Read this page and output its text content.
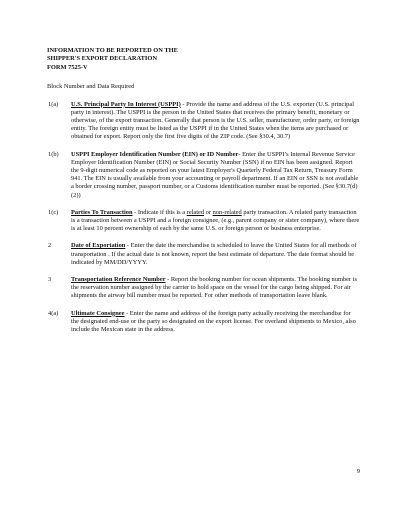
INFORMATION TO BE REPORTED ON THE
SHIPPER'S EXPORT DECLARATION
FORM 7525-V
Block Number and Data Required
1(a)	U.S. Principal Party In Interest (USPPI) - Provide the name and address of the U.S. exporter (U.S. principal party in interest). The USPPI is the person in the United States that receives the primary benefit, monetary or otherwise, of the export transaction. Generally that person is the U.S. seller, manufacturer, order party, or foreign entity. The foreign entity must be listed as the USPPI if in the United States when the items are purchased or obtained for export. Report only the first five digits of the ZIP code. (See §30.4, 30.7)
1(b)	USPPI Employer Identification Number (EIN) or ID Number- Enter the USPPI’s Internal Revenue Service Employer Identification Number (EIN) or Social Security Number (SSN) if no EIN has been assigned. Report the 9-digit numerical code as reported on your latest Employer's Quarterly Federal Tax Return, Treasury Form 941. The EIN is usually available from your accounting or payroll department. If an EIN or SSN is not available a border crossing number, passport number, or a Customs identification number must be reported. (See §30.7(d)(2))
1(c)	Parties To Transaction - Indicate if this is a related or non-related party transaction. A related party transaction is a transaction between a USPPI and a foreign consignee, (e.g., parent company or sister company), where there is at least 10 percent ownership of each by the same U.S. or foreign person or business enterprise.
2	Date of Exportation - Enter the date the merchandise is scheduled to leave the United States for all methods of transportation . If the actual date is not known, report the best estimate of departure. The date format should be indicated by MM/DD/YYYY.
3	Transportation Reference Number - Report the booking number for ocean shipments. The booking number is the reservation number assigned by the carrier to hold space on the vessel for the cargo being shipped. For air shipments the airway bill number must be reported. For other methods of transportation leave blank.
4(a)	Ultimate Consignee - Enter the name and address of the foreign party actually receiving the merchandise for the designated end-use or the party so designated on the export license. For overland shipments to Mexico, also include the Mexican state in the address.
9
